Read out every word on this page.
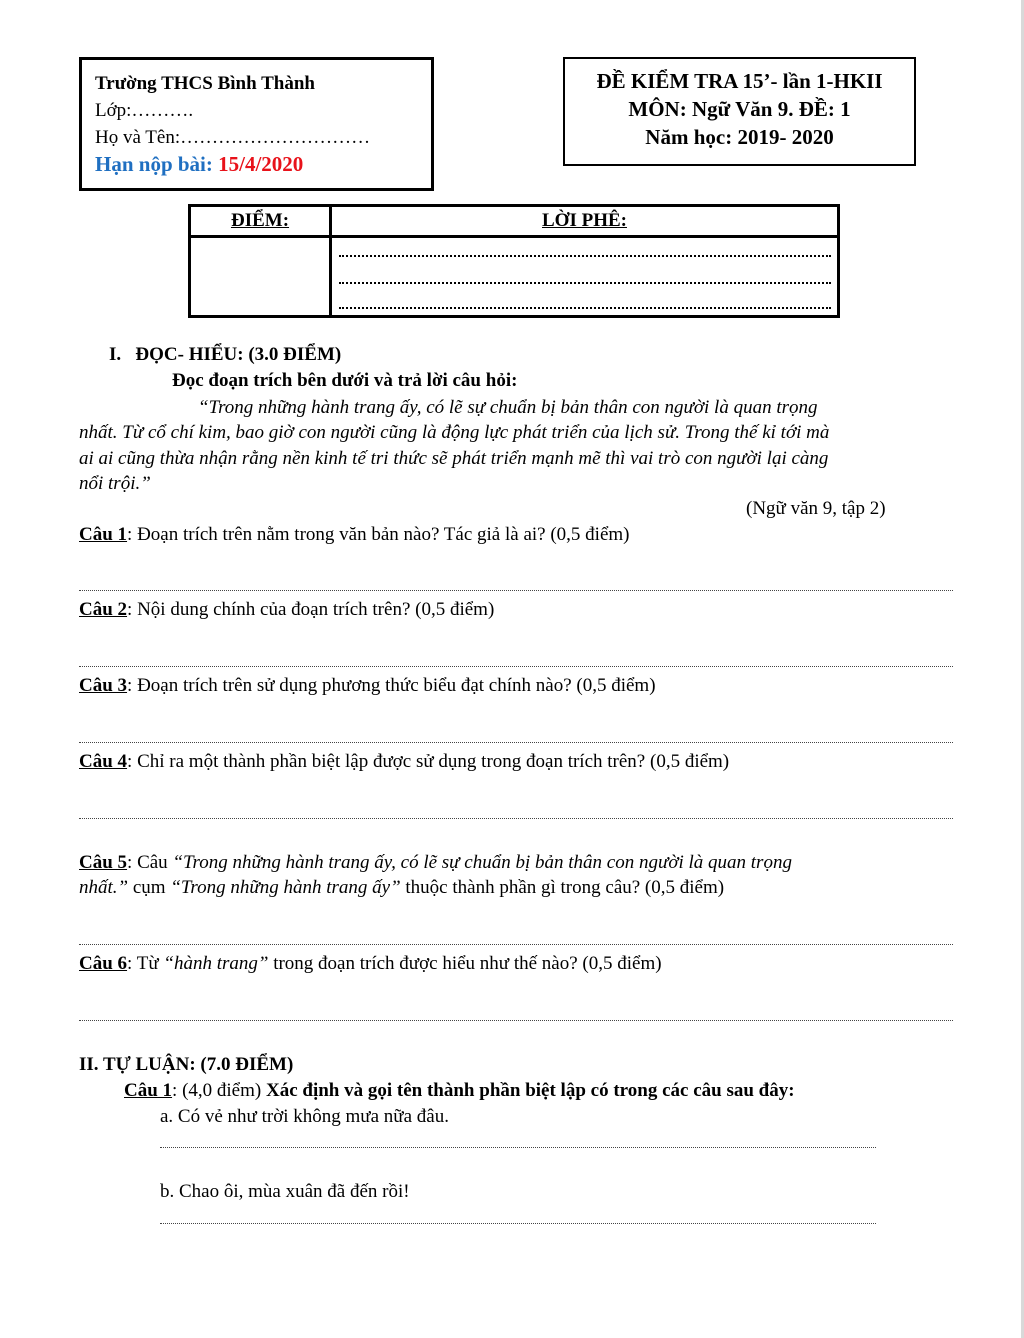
Trường THCS Bình Thành
Lớp:……….
Họ và Tên:…………………………
Hạn nộp bài: 15/4/2020
ĐỀ KIỂM TRA 15’- lần 1-HKII
MÔN: Ngữ Văn 9. ĐỀ: 1
Năm học: 2019- 2020
ĐIỂM:	LỜI PHÊ:
I. ĐỌC- HIỂU: (3.0 ĐIỂM)
Đọc đoạn trích bên dưới và trả lời câu hỏi:
“Trong những hành trang ấy, có lẽ sự chuẩn bị bản thân con người là quan trọng
nhất. Từ cổ chí kim, bao giờ con người cũng là động lực phát triển của lịch sử. Trong thế kỉ tới mà
ai ai cũng thừa nhận rằng nền kinh tế tri thức sẽ phát triển mạnh mẽ thì vai trò con người lại càng
nổi trội.”
(Ngữ văn 9, tập 2)
Câu 1: Đoạn trích trên nằm trong văn bản nào? Tác giả là ai? (0,5 điểm)
Câu 2: Nội dung chính của đoạn trích trên? (0,5 điểm)
Câu 3: Đoạn trích trên sử dụng phương thức biểu đạt chính nào? (0,5 điểm)
Câu 4: Chỉ ra một thành phần biệt lập được sử dụng trong đoạn trích trên? (0,5 điểm)
Câu 5: Câu “Trong những hành trang ấy, có lẽ sự chuẩn bị bản thân con người là quan trọng
nhất.” cụm “Trong những hành trang ấy” thuộc thành phần gì trong câu? (0,5 điểm)
Câu 6: Từ “hành trang” trong đoạn trích được hiểu như thế nào? (0,5 điểm)
II. TỰ LUẬN: (7.0 ĐIỂM)
Câu 1: (4,0 điểm) Xác định và gọi tên thành phần biệt lập có trong các câu sau đây:
a. Có vẻ như trời không mưa nữa đâu.
b. Chao ôi, mùa xuân đã đến rồi!
